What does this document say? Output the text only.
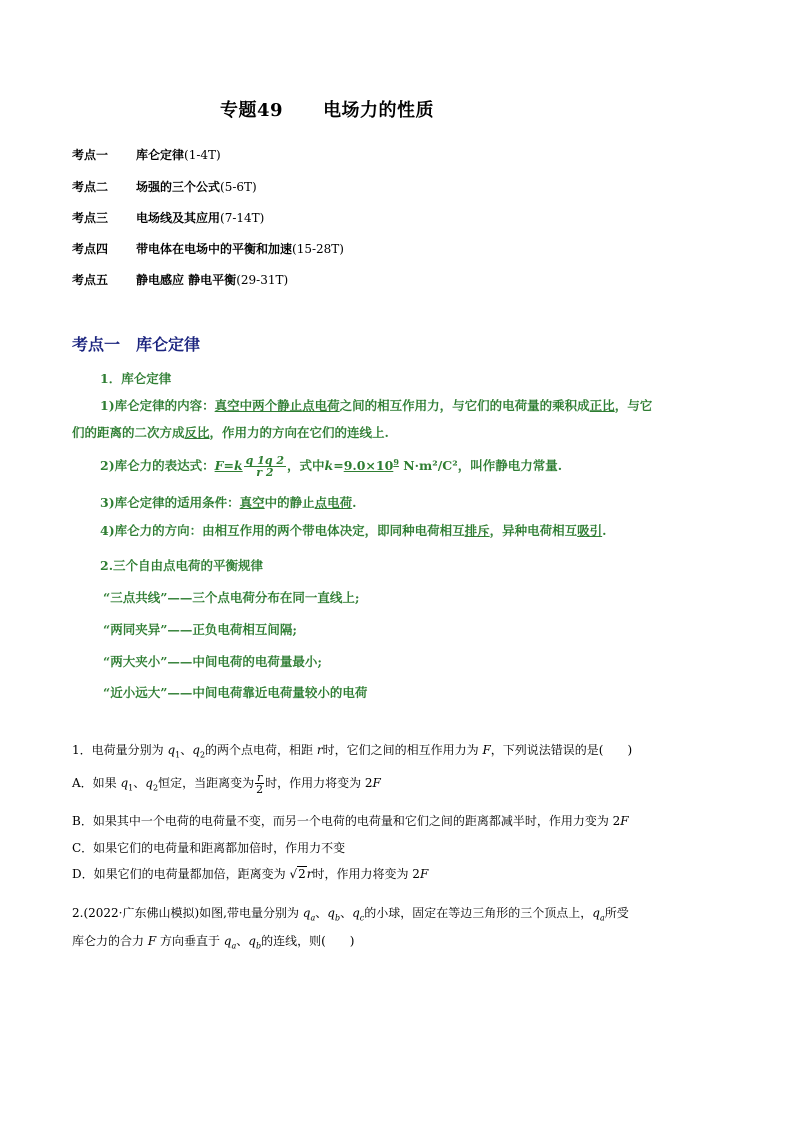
专题49 电场力的性质
考点一 库仑定律(1-4T)
考点二 场强的三个公式(5-6T)
考点三 电场线及其应用(7-14T)
考点四 带电体在电场中的平衡和加速(15-28T)
考点五 静电感应 静电平衡(29-31T)
考点一 库仑定律
1．库仑定律
1)库仑定律的内容：真空中两个静止点电荷之间的相互作用力，与它们的电荷量的乘积成正比，与它
们的距离的二次方成反比，作用力的方向在它们的连线上.
2)库仑力的表达式：$F=k \frac{q 1q 2}{r 2}$ ，式中$k=9.0\times 10^9$ N·m²/C²，叫作静电力常量.
3)库仑定律的适用条件：真空中的静止点电荷.
4)库仑力的方向：由相互作用的两个带电体决定，即同种电荷相互排斥，异种电荷相互吸引.
2.三个自由点电荷的平衡规律
“三点共线”——三个点电荷分布在同一直线上;
“两同夹异”——正负电荷相互间隔;
“两大夹小”——中间电荷的电荷量最小;
“近小远大”——中间电荷靠近电荷量较小的电荷
1．电荷量分别为 $q_1$、$q_2$的两个点电荷，相距 r时，它们之间的相互作用力为 F，下列说法错误的是(　　)
A．如果 $q_1$、$q_2$恒定，当距离变为 $\frac{r}{2}$ 时，作用力将变为 2F
B．如果其中一个电荷的电荷量不变，而另一个电荷的电荷量和它们之间的距离都减半时，作用力变为 2F
C．如果它们的电荷量和距离都加倍时，作用力不变
D．如果它们的电荷量都加倍，距离变为 √2r时，作用力将变为 2F
2.(2022·广东佛山模拟)如图,带电量分别为 $q_a$、$q_b$、$q_c$的小球，固定在等边三角形的三个顶点上，$q_a$所受
库仑力的合力 F 方向垂直于 $q_a$、$q_b$的连线，则(　　)
